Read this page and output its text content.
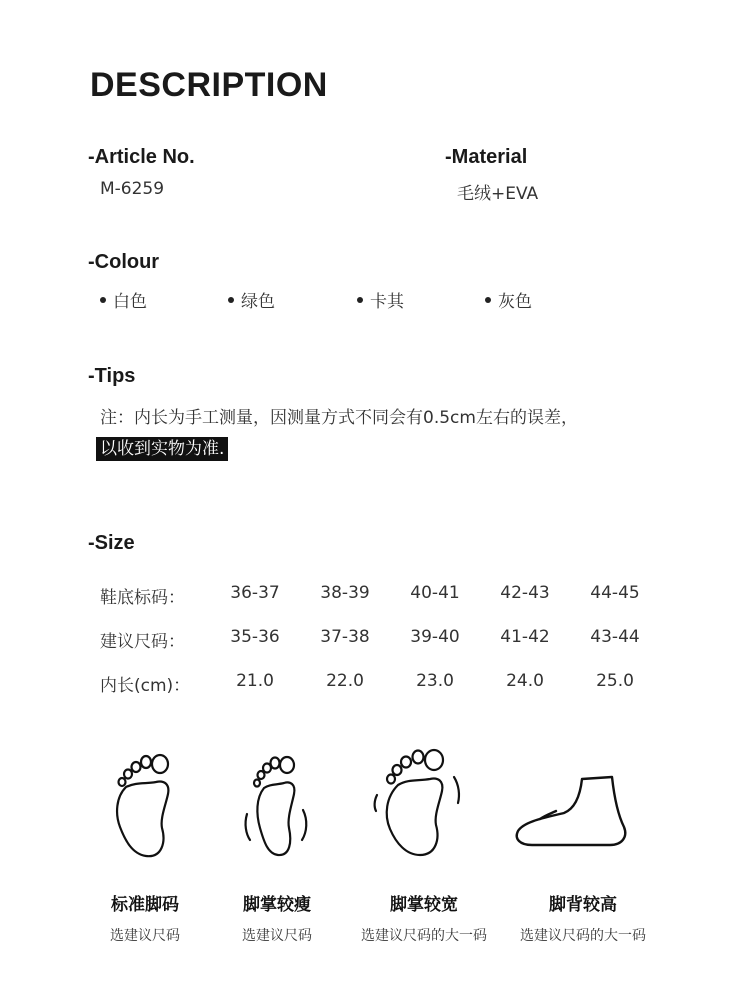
DESCRIPTION
-Article No.
M-6259
-Material
毛绒+EVA
-Colour
白色	绿色	卡其	灰色
-Tips
注：内长为手工测量，因测量方式不同会有0.5cm左右的误差，
以收到实物为准.
-Size
鞋底标码：	36-37	38-39	40-41	42-43	44-45
建议尺码：	35-36	37-38	39-40	41-42	43-44
内长(cm)：	21.0	22.0	23.0	24.0	25.0
标准脚码
选建议尺码
脚掌较瘦
选建议尺码
脚掌较宽
选建议尺码的大一码
脚背较高
选建议尺码的大一码
